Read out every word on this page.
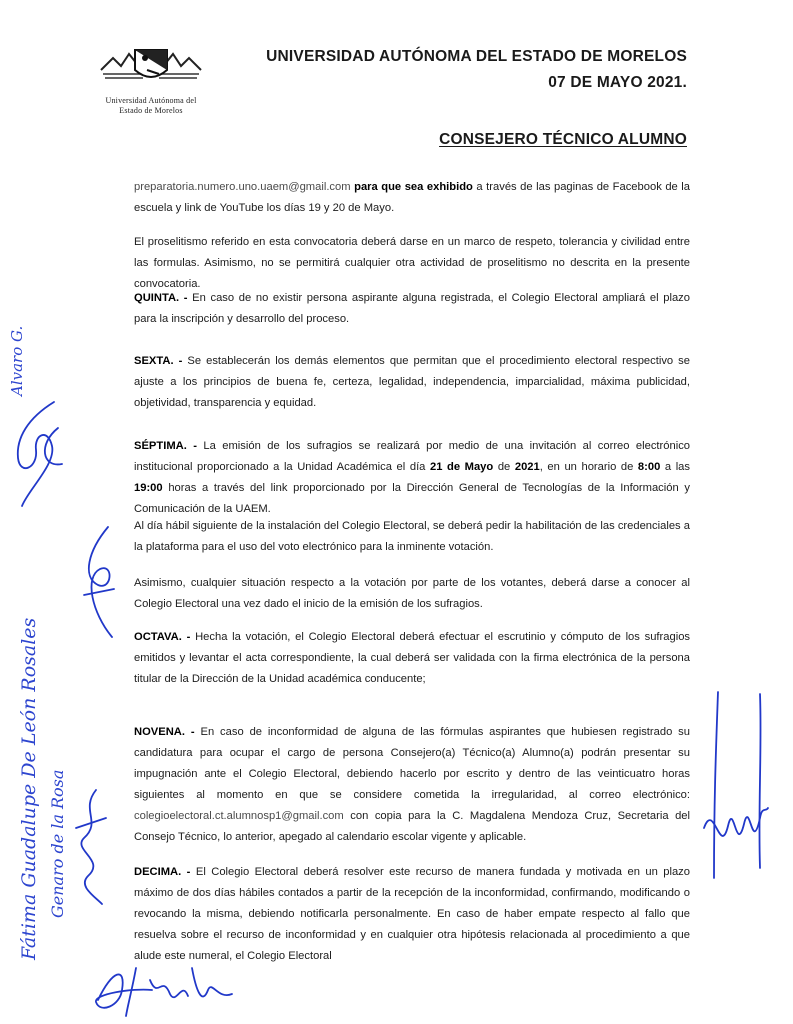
Universidad Autónoma del
Estado de Morelos
UNIVERSIDAD AUTÓNOMA DEL ESTADO DE MORELOS
07 DE MAYO 2021.
CONSEJERO TÉCNICO ALUMNO

preparatoria.numero.uno.uaem@gmail.com para que sea exhibido a través de las paginas de Facebook de la escuela y link de YouTube los días 19 y 20 de Mayo.

El proselitismo referido en esta convocatoria deberá darse en un marco de respeto, tolerancia y civilidad entre las formulas. Asimismo, no se permitirá cualquier otra actividad de proselitismo no descrita en la presente convocatoria.

QUINTA. - En caso de no existir persona aspirante alguna registrada, el Colegio Electoral ampliará el plazo para la inscripción y desarrollo del proceso.

SEXTA. - Se establecerán los demás elementos que permitan que el procedimiento electoral respectivo se ajuste a los principios de buena fe, certeza, legalidad, independencia, imparcialidad, máxima publicidad, objetividad, transparencia y equidad.

SÉPTIMA. - La emisión de los sufragios se realizará por medio de una invitación al correo electrónico institucional proporcionado a la Unidad Académica el día 21 de Mayo de 2021, en un horario de 8:00 a las 19:00 horas a través del link proporcionado por la Dirección General de Tecnologías de la Información y Comunicación de la UAEM.

Al día hábil siguiente de la instalación del Colegio Electoral, se deberá pedir la habilitación de las credenciales a la plataforma para el uso del voto electrónico para la inminente votación.

Asimismo, cualquier situación respecto a la votación por parte de los votantes, deberá darse a conocer al Colegio Electoral una vez dado el inicio de la emisión de los sufragios.

OCTAVA. - Hecha la votación, el Colegio Electoral deberá efectuar el escrutinio y cómputo de los sufragios emitidos y levantar el acta correspondiente, la cual deberá ser validada con la firma electrónica de la persona titular de la Dirección de la Unidad académica conducente;

NOVENA. - En caso de inconformidad de alguna de las fórmulas aspirantes que hubiesen registrado su candidatura para ocupar el cargo de persona Consejero(a) Técnico(a) Alumno(a) podrán presentar su impugnación ante el Colegio Electoral, debiendo hacerlo por escrito y dentro de las veinticuatro horas siguientes al momento en que se considere cometida la irregularidad, al correo electrónico: colegioelectoral.ct.alumnosp1@gmail.com con copia para la C. Magdalena Mendoza Cruz, Secretaria del Consejo Técnico, lo anterior, apegado al calendario escolar vigente y aplicable.

DECIMA. - El Colegio Electoral deberá resolver este recurso de manera fundada y motivada en un plazo máximo de dos días hábiles contados a partir de la recepción de la inconformidad, confirmando, modificando o revocando la misma, debiendo notificarla personalmente. En caso de haber empate respecto al fallo que resuelva sobre el recurso de inconformidad y en cualquier otra hipótesis relacionada al procedimiento a que alude este numeral, el Colegio Electoral

Fátima Guadalupe De León Rosales Genaro de la Rosa
Alvaro G.
